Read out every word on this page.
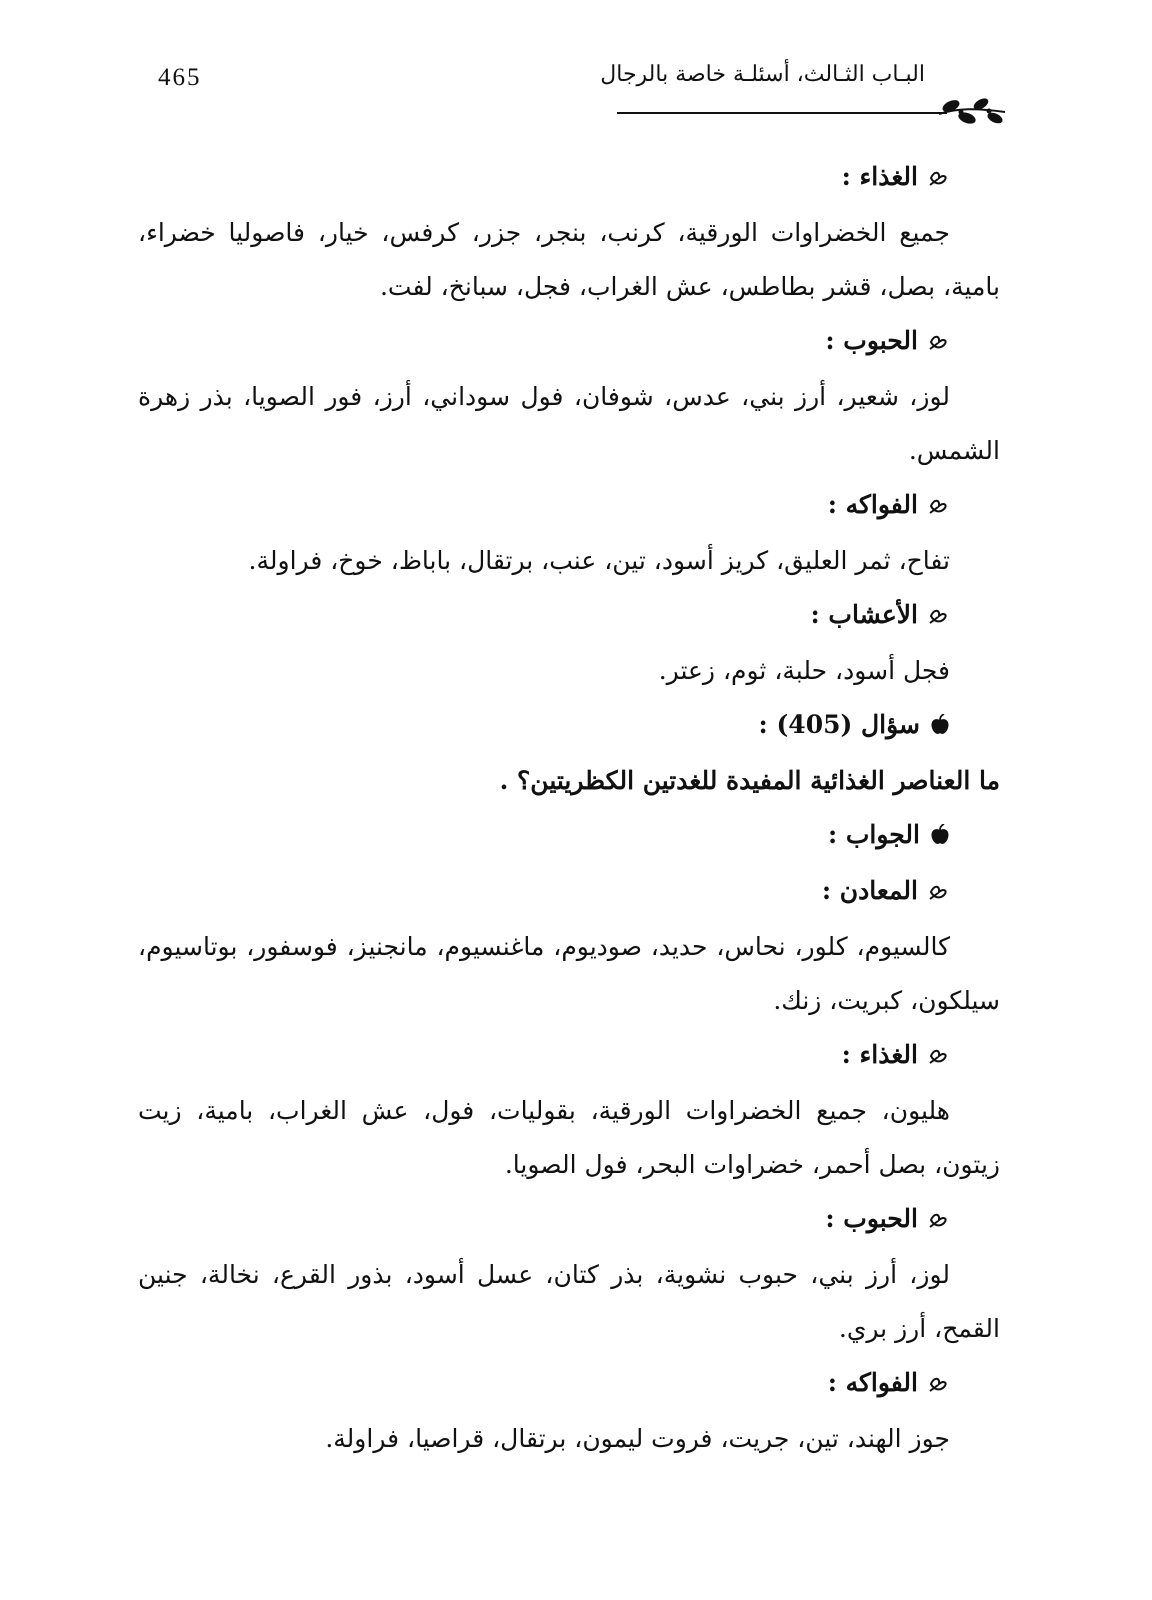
465	البـاب الثـالث، أسئلـة خاصة بالرجال

الغذاء :

جميع الخضراوات الورقية، كرنب، بنجر، جزر، كرفس، خيار، فاصوليا خضراء، بامية، بصل، قشر بطاطس، عش الغراب، فجل، سبانخ، لفت.

الحبوب :

لوز، شعير، أرز بني، عدس، شوفان، فول سوداني، أرز، فور الصويا، بذر زهرة الشمس.

الفواكه :

تفاح، ثمر العليق، كريز أسود، تين، عنب، برتقال، باباظ، خوخ، فراولة.

الأعشاب :

فجل أسود، حلبة، ثوم، زعتر.

سؤال (405) :

ما العناصر الغذائية المفيدة للغدتين الكظريتين؟ .

الجواب :

المعادن :

كالسيوم، كلور، نحاس، حديد، صوديوم، ماغنسيوم، مانجنيز، فوسفور، بوتاسيوم، سيلكون، كبريت، زنك.

الغذاء :

هليون، جميع الخضراوات الورقية، بقوليات، فول، عش الغراب، بامية، زيت زيتون، بصل أحمر، خضراوات البحر، فول الصويا.

الحبوب :

لوز، أرز بني، حبوب نشوية، بذر كتان، عسل أسود، بذور القرع، نخالة، جنين القمح، أرز بري.

الفواكه :

جوز الهند، تين، جريت، فروت ليمون، برتقال، قراصيا، فراولة.
